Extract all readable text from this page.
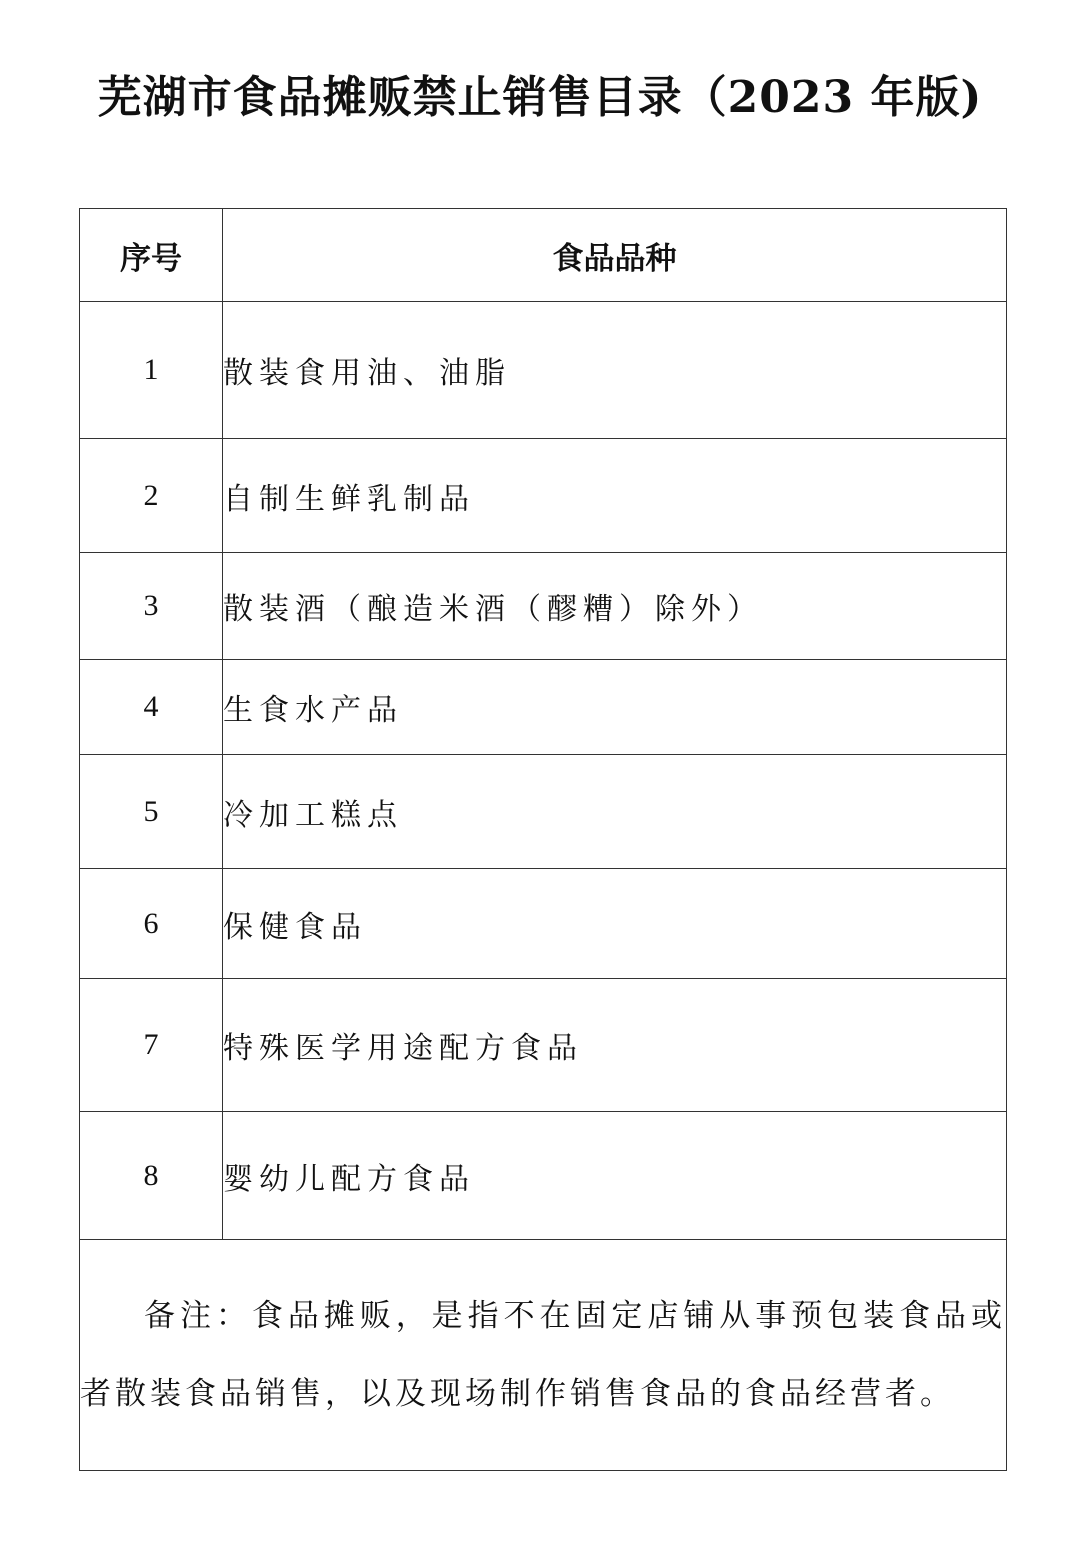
芜湖市食品摊贩禁止销售目录（2023 年版)
序号	食品品种
1	散装食用油、油脂
2	自制生鲜乳制品
3	散装酒（酿造米酒（醪糟）除外）
4	生食水产品
5	冷加工糕点
6	保健食品
7	特殊医学用途配方食品
8	婴幼儿配方食品

备注：食品摊贩，是指不在固定店铺从事预包装食品或者散装食品销售，以及现场制作销售食品的食品经营者。	
